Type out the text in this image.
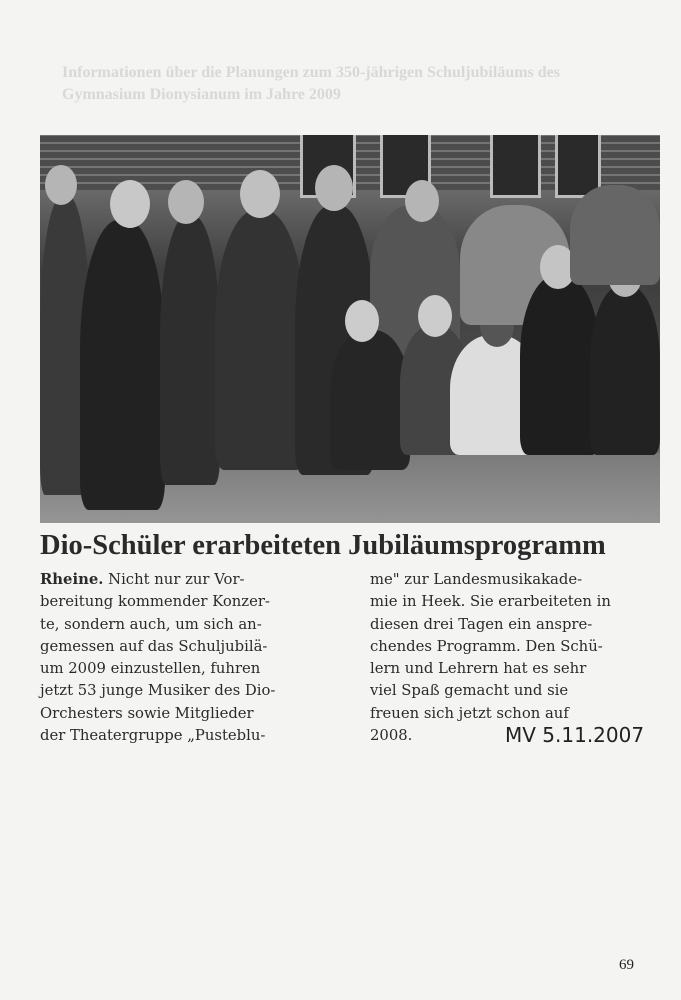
Informationen über die Planungen zum 350-jährigen Schuljubiläums des
Gymnasium Dionysianum im Jahre 2009
Dio-Schüler erarbeiteten Jubiläumsprogramm
Rheine. Nicht nur zur Vor-
bereitung kommender Konzer-
te, sondern auch, um sich an-
gemessen auf das Schuljubilä-
um 2009 einzustellen, fuhren
jetzt 53 junge Musiker des Dio-
Orchesters sowie Mitglieder
der Theatergruppe „Pusteblu-
me" zur Landesmusikakade-
mie in Heek. Sie erarbeiteten in
diesen drei Tagen ein anspre-
chendes Programm. Den Schü-
lern und Lehrern hat es sehr
viel Spaß gemacht und sie
freuen sich jetzt schon auf
2008.	MV 5.11.2007
69
